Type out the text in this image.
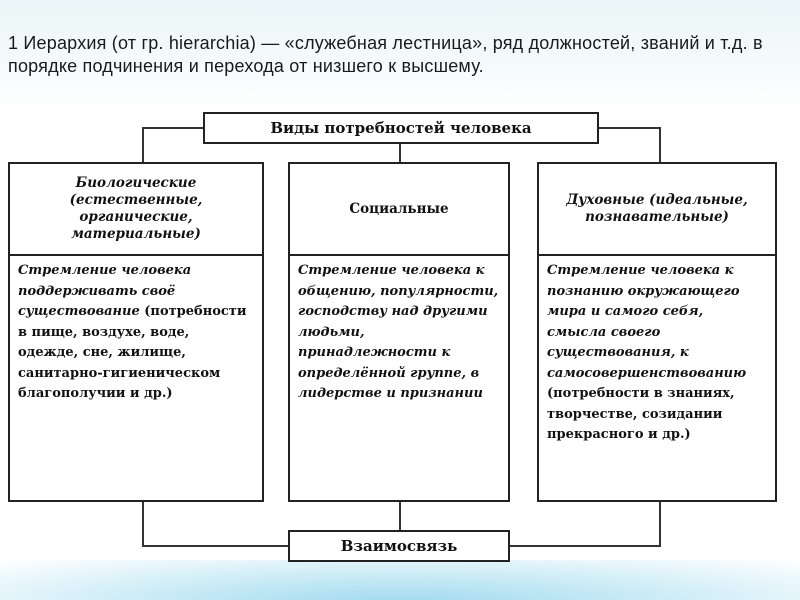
1 Иерархия (от гр. hierarchia) — «служебная лестница», ряд должностей, званий и т.д. в порядке подчинения и перехода от низшего к высшему.

Виды потребностей человека
Биологические (естественные, органические, материальные)
Стремление человека поддерживать своё существование (потребности в пище, воздухе, воде, одежде, сне, жилище, санитарно-гигиеническом благополучии и др.)
Социальные
Стремление человека к общению, популярности, господству над другими людьми, принадлежности к определённой группе, в лидерстве и признании
Духовные (идеальные, познавательные)
Стремление человека к познанию окружающего мира и самого себя, смысла своего существования, к самосовершенствованию (потребности в знаниях, творчестве, созидании прекрасного и др.)
Взаимосвязь
